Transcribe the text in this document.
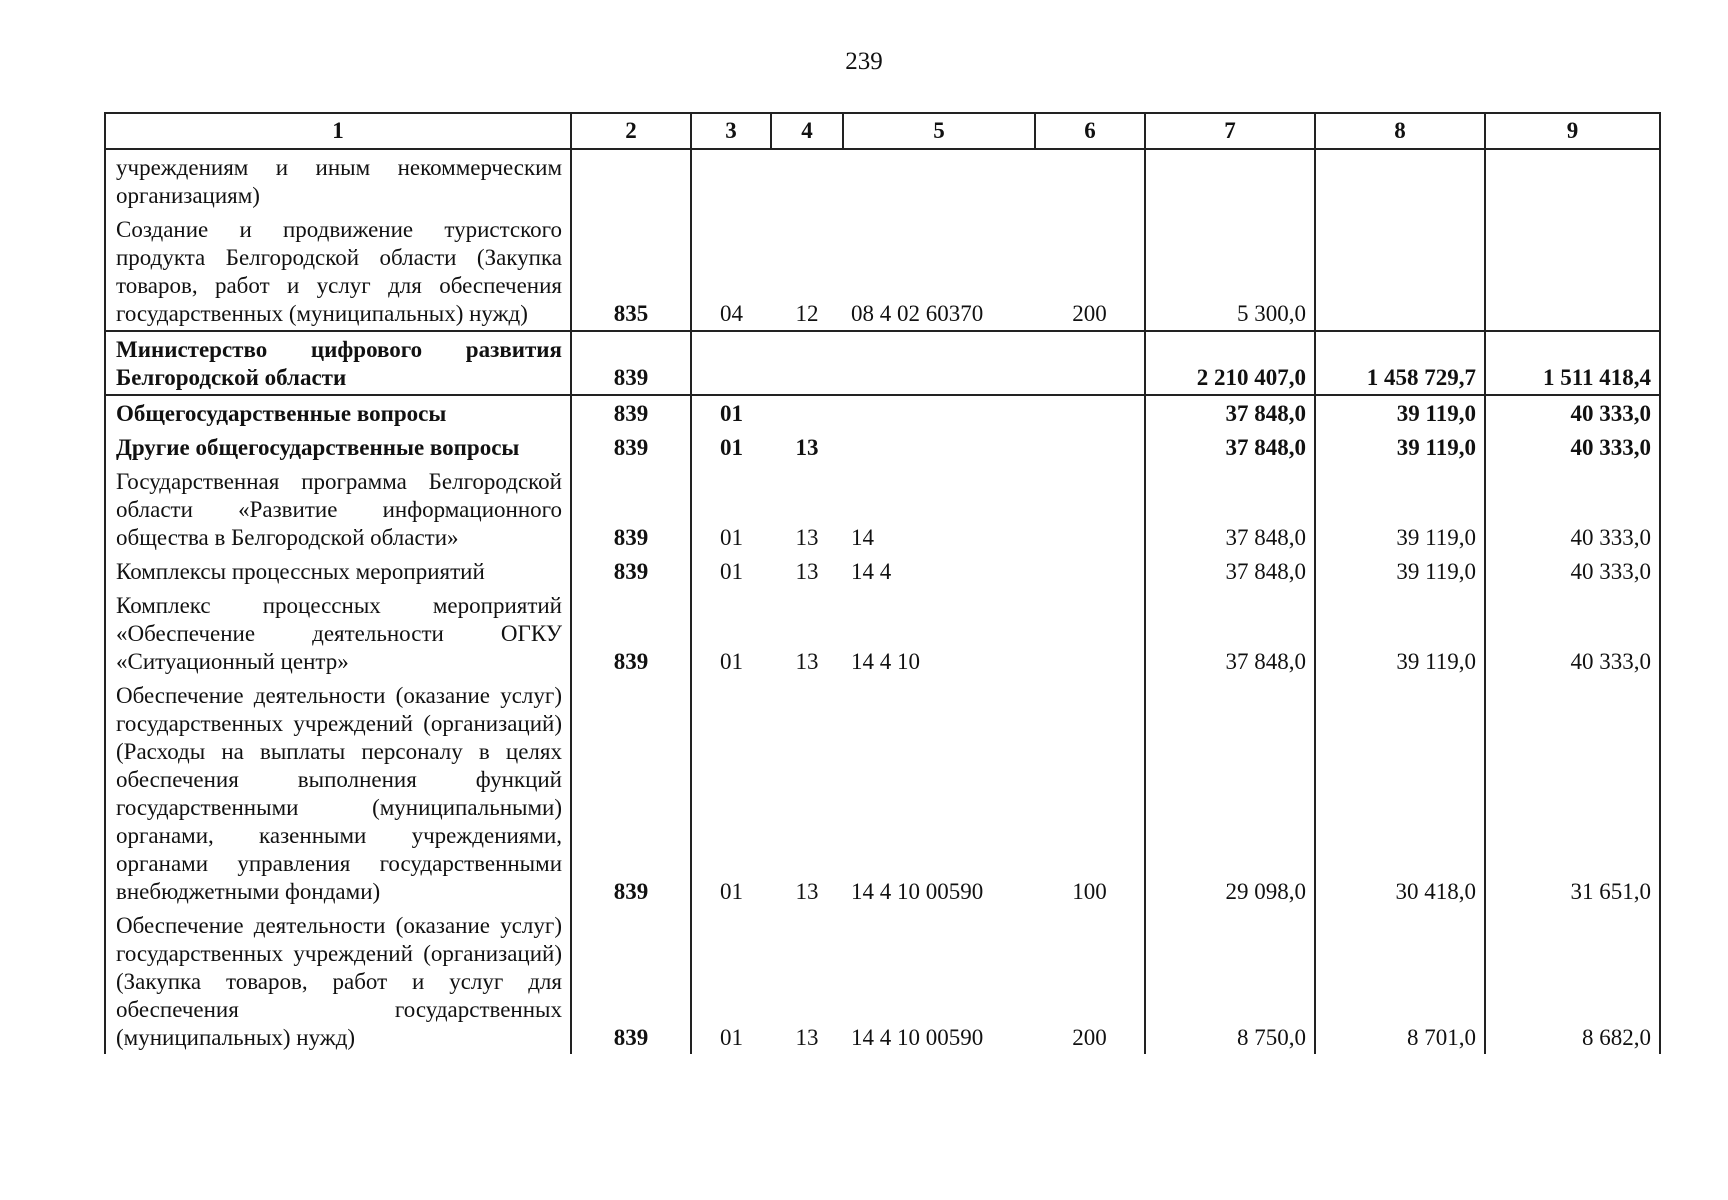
239
1	2	3	4	5	6	7	8	9
учреждениям и иным некоммерческим организациям)								
Создание и продвижение туристского продукта Белгородской области (Закупка товаров, работ и услуг для обеспечения государственных (муниципальных) нужд)	835	04	12	08 4 02 60370	200	5 300,0		
Министерство цифрового развития Белгородской области	839					2 210 407,0	1 458 729,7	1 511 418,4
Общегосударственные вопросы	839	01				37 848,0	39 119,0	40 333,0
Другие общегосударственные вопросы	839	01	13			37 848,0	39 119,0	40 333,0
Государственная программа Белгородской области «Развитие информационного общества в Белгородской области»	839	01	13	14		37 848,0	39 119,0	40 333,0
Комплексы процессных мероприятий	839	01	13	14 4		37 848,0	39 119,0	40 333,0
Комплекс процессных мероприятий «Обеспечение деятельности ОГКУ «Ситуационный центр»	839	01	13	14 4 10		37 848,0	39 119,0	40 333,0
Обеспечение деятельности (оказание услуг) государственных учреждений (организаций) (Расходы на выплаты персоналу в целях обеспечения выполнения функций государственными (муниципальными) органами, казенными учреждениями, органами управления государственными внебюджетными фондами)	839	01	13	14 4 10 00590	100	29 098,0	30 418,0	31 651,0
Обеспечение деятельности (оказание услуг) государственных учреждений (организаций) (Закупка товаров, работ и услуг для обеспечения государственных (муниципальных) нужд)	839	01	13	14 4 10 00590	200	8 750,0	8 701,0	8 682,0
